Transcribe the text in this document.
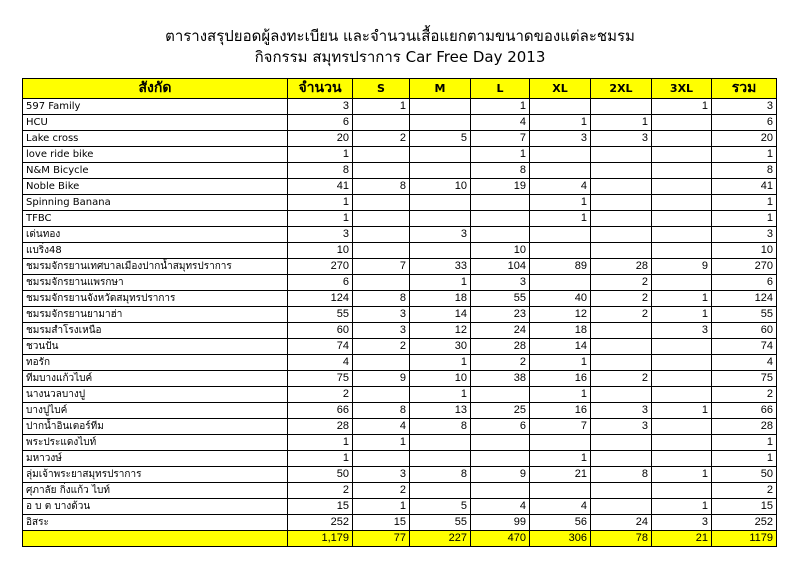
ตารางสรุปยอดผู้ลงทะเบียน และจำนวนเสื้อแยกตามขนาดของแต่ละชมรม
กิจกรรม สมุทรปราการ Car Free Day 2013
สังกัด	จำนวน	S	M	L	XL	2XL	3XL	รวม
597 Family	3	1		1			1	3
HCU	6			4	1	1		6
Lake cross	20	2	5	7	3	3		20
love ride bike	1			1				1
N&M Bicycle	8			8				8
Noble Bike	41	8	10	19	4			41
Spinning Banana	1				1			1
TFBC	1				1			1
เด่นทอง	3		3					3
แบริ่ง48	10			10				10
ชมรมจักรยานเทศบาลเมืองปากน้ำสมุทรปราการ	270	7	33	104	89	28	9	270
ชมรมจักรยานแพรกษา	6		1	3		2		6
ชมรมจักรยานจังหวัดสมุทรปราการ	124	8	18	55	40	2	1	124
ชมรมจักรยานยามาฮ่า	55	3	14	23	12	2	1	55
ชมรมสำโรงเหนือ	60	3	12	24	18		3	60
ชวนปั่น	74	2	30	28	14			74
ทอรัก	4		1	2	1			4
ทีมบางแก้วไบค์	75	9	10	38	16	2		75
นางนวลบางปู	2		1		1			2
บางปูไบค์	66	8	13	25	16	3	1	66
ปากน้ำอินเตอร์ทีม	28	4	8	6	7	3		28
พระประแดงไบท์	1	1						1
มหาวงษ์	1				1			1
ลุ่มเจ้าพระยาสมุทรปราการ	50	3	8	9	21	8	1	50
ศุภาลัย กิ่งแก้ว ไบท์	2	2						2
อ บ ต บางด้วน	15	1	5	4	4		1	15
อิสระ	252	15	55	99	56	24	3	252
	1,179	77	227	470	306	78	21	1179
